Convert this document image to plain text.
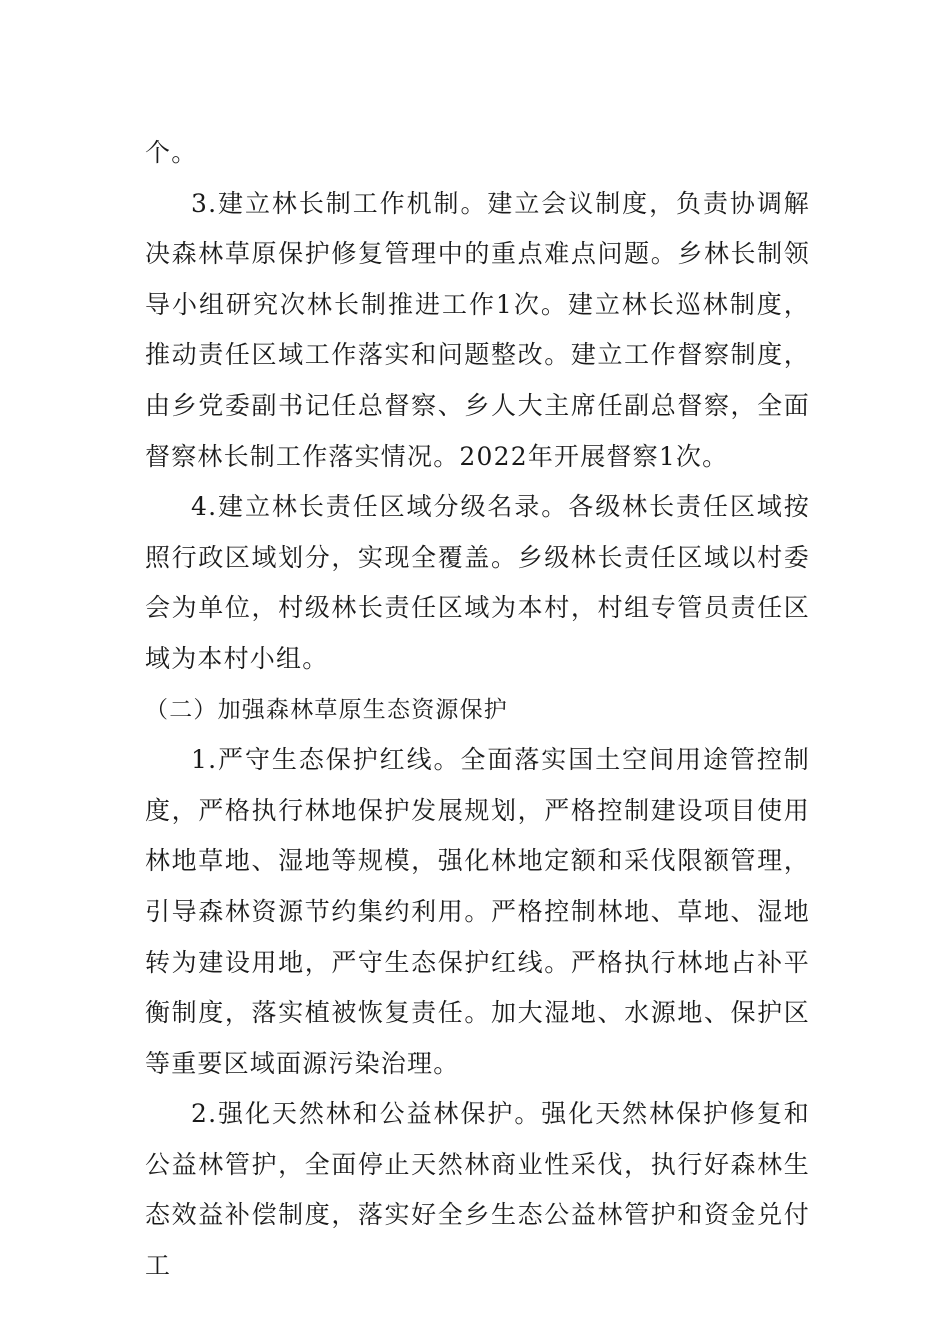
个。

3.建立林长制工作机制。建立会议制度，负责协调解决森林草原保护修复管理中的重点难点问题。乡林长制领导小组研究次林长制推进工作1次。建立林长巡林制度，推动责任区域工作落实和问题整改。建立工作督察制度，由乡党委副书记任总督察、乡人大主席任副总督察，全面督察林长制工作落实情况。2022年开展督察1次。

4.建立林长责任区域分级名录。各级林长责任区域按照行政区域划分，实现全覆盖。乡级林长责任区域以村委会为单位，村级林长责任区域为本村，村组专管员责任区域为本村小组。

（二）加强森林草原生态资源保护

1.严守生态保护红线。全面落实国土空间用途管控制度，严格执行林地保护发展规划，严格控制建设项目使用林地草地、湿地等规模，强化林地定额和采伐限额管理，引导森林资源节约集约利用。严格控制林地、草地、湿地转为建设用地，严守生态保护红线。严格执行林地占补平衡制度，落实植被恢复责任。加大湿地、水源地、保护区等重要区域面源污染治理。

2.强化天然林和公益林保护。强化天然林保护修复和公益林管护，全面停止天然林商业性采伐，执行好森林生态效益补偿制度，落实好全乡生态公益林管护和资金兑付工
